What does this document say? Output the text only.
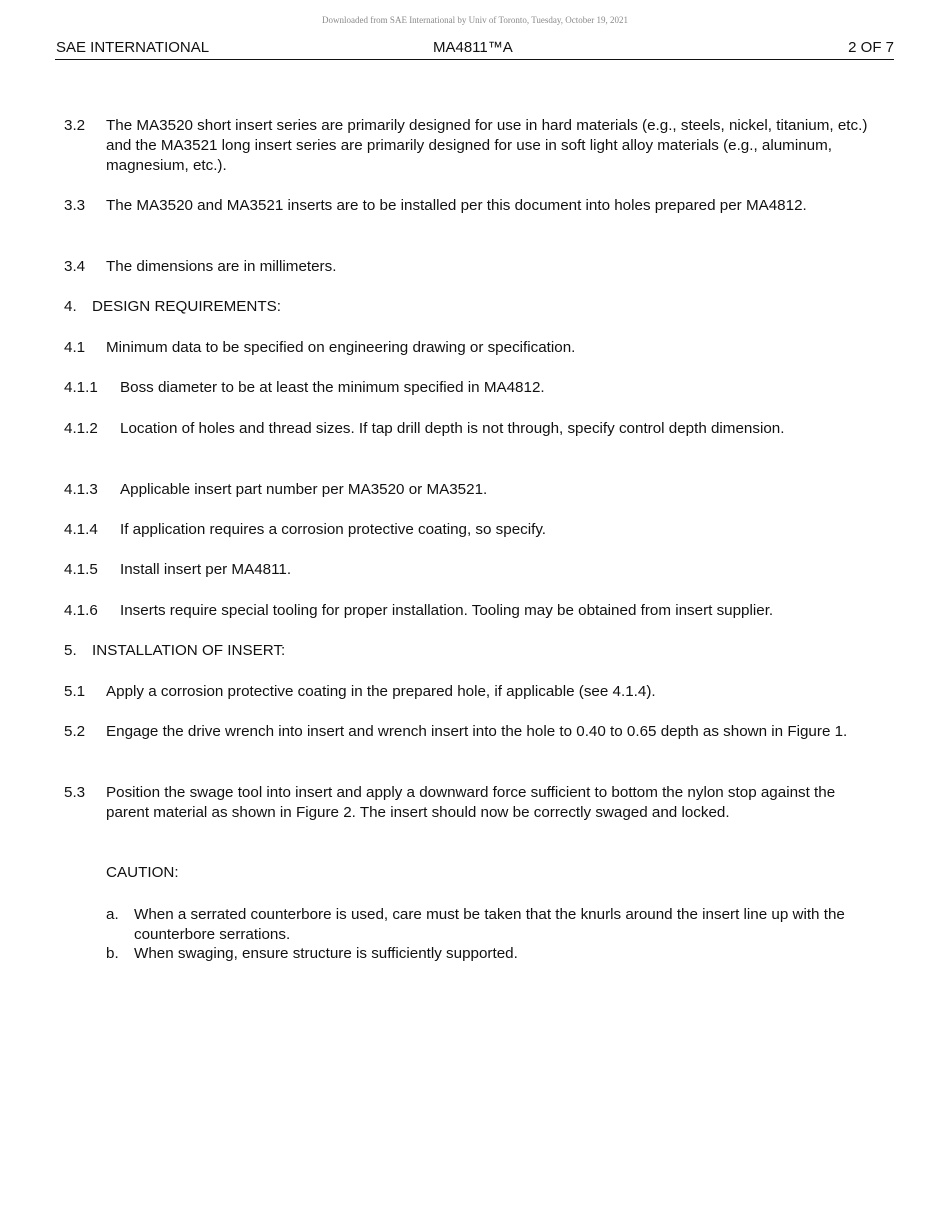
Downloaded from SAE International by Univ of Toronto, Tuesday, October 19, 2021
SAE INTERNATIONAL	MA4811™A	2 OF 7
3.2 The MA3520 short insert series are primarily designed for use in hard materials (e.g., steels, nickel, titanium, etc.) and the MA3521 long insert series are primarily designed for use in soft light alloy materials (e.g., aluminum, magnesium, etc.).
3.3 The MA3520 and MA3521 inserts are to be installed per this document into holes prepared per MA4812.
3.4 The dimensions are in millimeters.
4. DESIGN REQUIREMENTS:
4.1 Minimum data to be specified on engineering drawing or specification.
4.1.1 Boss diameter to be at least the minimum specified in MA4812.
4.1.2 Location of holes and thread sizes. If tap drill depth is not through, specify control depth dimension.
4.1.3 Applicable insert part number per MA3520 or MA3521.
4.1.4 If application requires a corrosion protective coating, so specify.
4.1.5 Install insert per MA4811.
4.1.6 Inserts require special tooling for proper installation. Tooling may be obtained from insert supplier.
5. INSTALLATION OF INSERT:
5.1 Apply a corrosion protective coating in the prepared hole, if applicable (see 4.1.4).
5.2 Engage the drive wrench into insert and wrench insert into the hole to 0.40 to 0.65 depth as shown in Figure 1.
5.3 Position the swage tool into insert and apply a downward force sufficient to bottom the nylon stop against the parent material as shown in Figure 2. The insert should now be correctly swaged and locked.
CAUTION:
a. When a serrated counterbore is used, care must be taken that the knurls around the insert line up with the counterbore serrations.
b. When swaging, ensure structure is sufficiently supported.
